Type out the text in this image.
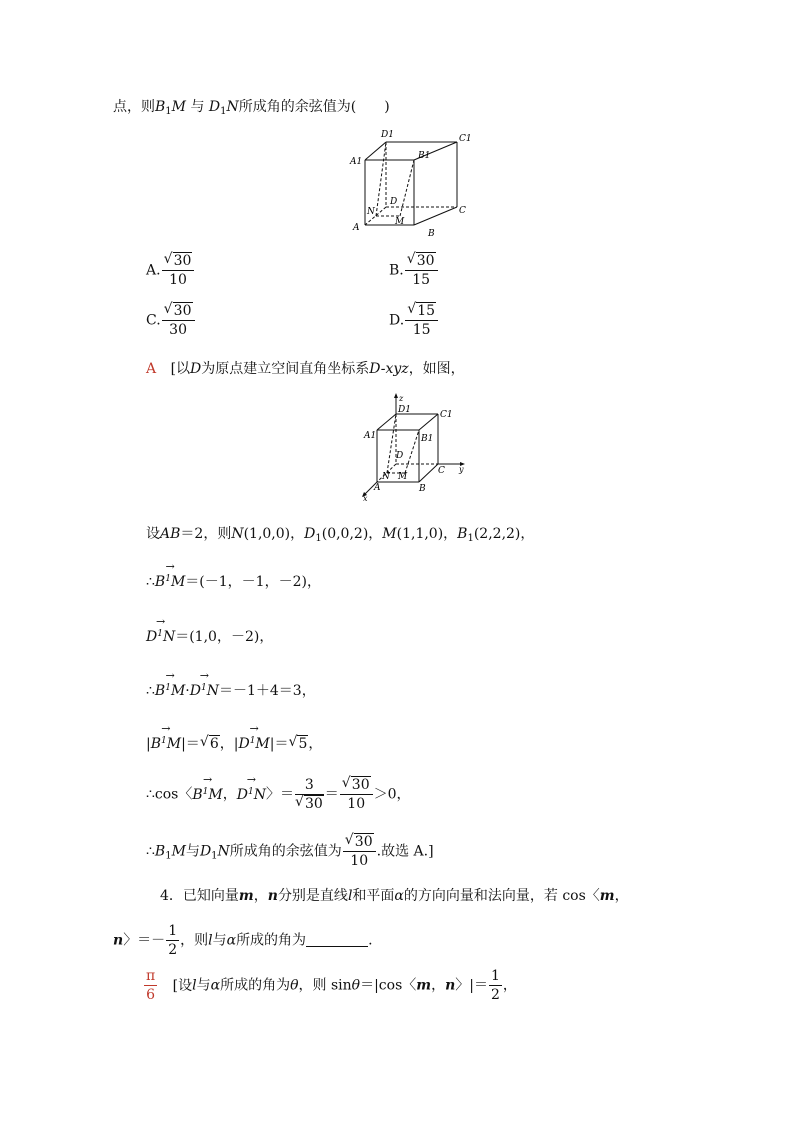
点，则$B_1M$ 与 $D_1N$所成角的余弦值为(　　)
D1	C1
A1
B1
D
N
M
C
A
B
A. $\frac{√ 30}{10}$	B. $\frac{√ 30}{15}$
C. $\frac{√ 30}{30}$	D. $\frac{√ 15}{15}$
A [以D为原点建立空间直角坐标系D-xyz，如图，
z
D1	C1
A1	B1
D
C y
N M
A	B
x
设AB＝2，则N(1,0,0)，$D_1(0,0,2)$，M(1,1,0)，$B_1(2,2,2)$，
∴→ $B^1M=(-1$，－1，－2)，
→ $D^1N=(1,0$，－2)，
∴→ $B^1M\cdot\to D^1N=-1+4=3$，
|→ $B^1M|=$ √ 6，|→ $D^1M|=$ √ 5，
∴cos〈→ $B^1M$，→ $D^1N$〉＝ $\frac{3}{√ 30} = \frac{√ 30}{10} >0$，
$\therefore B_1M$与$D_1N$所成角的余弦值为 $\frac{√ 30}{10}$ .故选 A.]
4．已知向量m，n分别是直线l和平面α的方向向量和法向量，若 cos〈m，
n〉＝－ $\frac{1}{2}$ ，则l与α所成的角为	.
$\frac{\pi}{6}$ [设l与α所成的角为θ，则 sinθ＝|cos〈m，n〉|＝ $\frac{1}{2}$ ，
